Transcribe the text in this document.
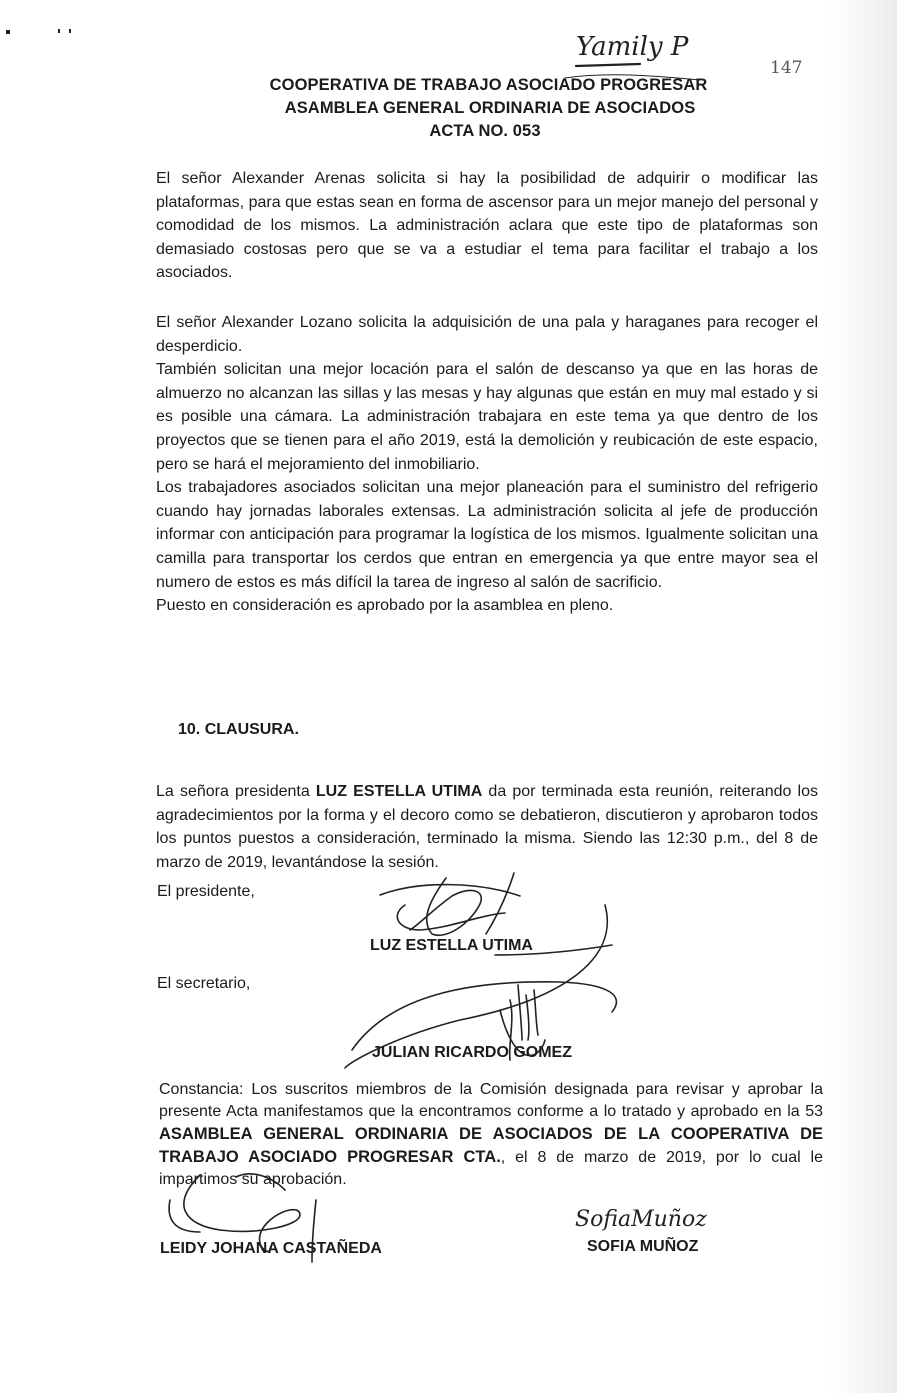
147
COOPERATIVA DE TRABAJO ASOCIADO PROGRESAR
ASAMBLEA GENERAL ORDINARIA DE ASOCIADOS
ACTA NO. 053

El señor Alexander Arenas solicita si hay la posibilidad de adquirir o modificar las plataformas, para que estas sean en forma de ascensor para un mejor manejo del personal y comodidad de los mismos. La administración aclara que este tipo de plataformas son demasiado costosas pero que se va a estudiar el tema para facilitar el trabajo a los asociados.

El señor Alexander Lozano solicita la adquisición de una pala y haraganes para recoger el desperdicio.

También solicitan una mejor locación para el salón de descanso ya que en las horas de almuerzo no alcanzan las sillas y las mesas y hay algunas que están en muy mal estado y si es posible una cámara. La administración trabajara en este tema ya que dentro de los proyectos que se tienen para el año 2019, está la demolición y reubicación de este espacio, pero se hará el mejoramiento del inmobiliario.

Los trabajadores asociados solicitan una mejor planeación para el suministro del refrigerio cuando hay jornadas laborales extensas. La administración solicita al jefe de producción informar con anticipación para programar la logística de los mismos. Igualmente solicitan una camilla para transportar los cerdos que entran en emergencia ya que entre mayor sea el numero de estos es más difícil la tarea de ingreso al salón de sacrificio.

Puesto en consideración es aprobado por la asamblea en pleno.

10. CLAUSURA.

La señora presidenta LUZ ESTELLA UTIMA da por terminada esta reunión, reiterando los agradecimientos por la forma y el decoro como se debatieron, discutieron y aprobaron todos los puntos puestos a consideración, terminado la misma. Siendo las 12:30 p.m., del 8 de marzo de 2019, levantándose la sesión.

El presidente,
LUZ ESTELLA UTIMA
El secretario,
JULIAN RICARDO GOMEZ

Constancia: Los suscritos miembros de la Comisión designada para revisar y aprobar la presente Acta manifestamos que la encontramos conforme a lo tratado y aprobado en la 53 ASAMBLEA GENERAL ORDINARIA DE ASOCIADOS DE LA COOPERATIVA DE TRABAJO ASOCIADO PROGRESAR CTA., el 8 de marzo de 2019, por lo cual le impartimos su aprobación.

LEIDY JOHANA CASTAÑEDA	SOFIA MUÑOZ
Yamily P
SofiaMuñoz
